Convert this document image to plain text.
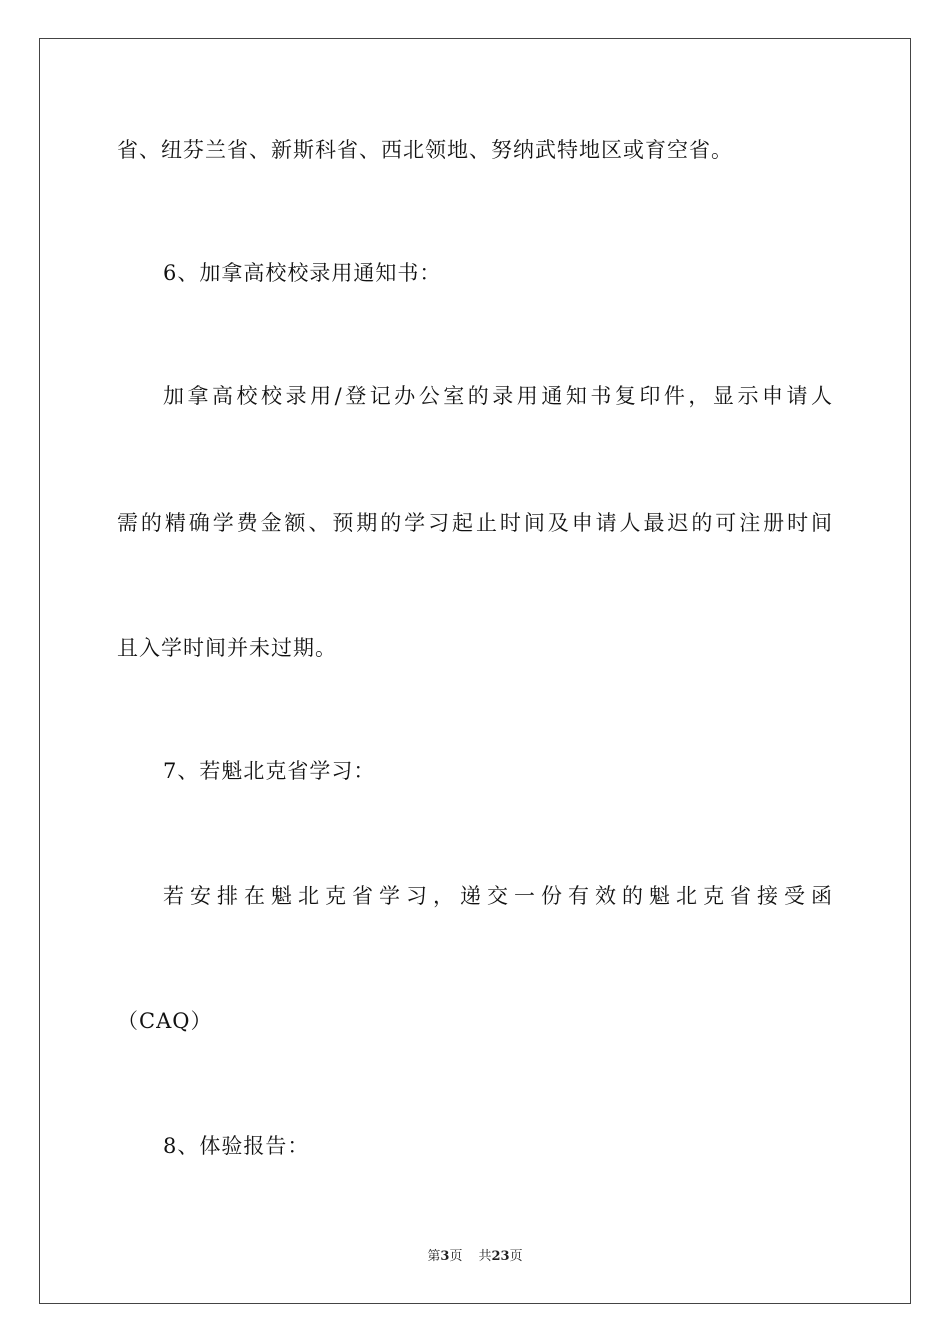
省、纽芬兰省、新斯科省、西北领地、努纳武特地区或育空省。
6、加拿高校校录用通知书：
加拿高校校录用/登记办公室的录用通知书复印件，显示申请人
需的精确学费金额、预期的学习起止时间及申请人最迟的可注册时间
且入学时间并未过期。
7、若魁北克省学习：
若安排在魁北克省学习，递交一份有效的魁北克省接受函
（CAQ）
8、体验报告：
第3页 共23页
